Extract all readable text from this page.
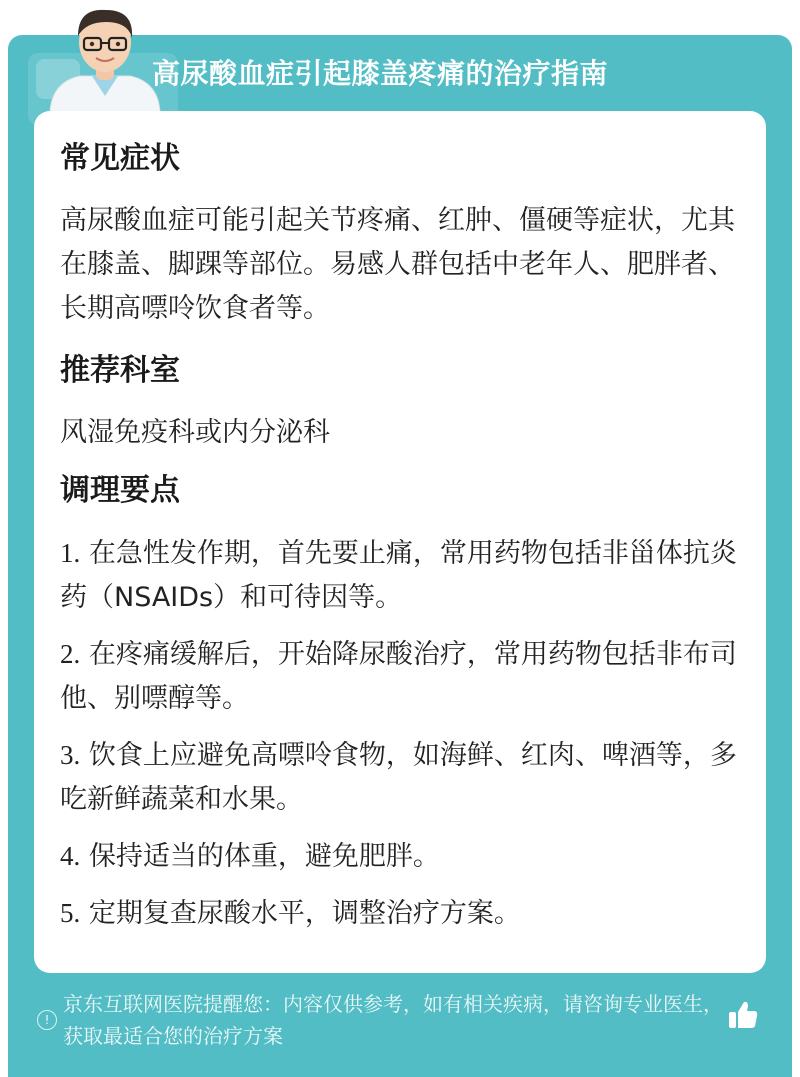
高尿酸血症引起膝盖疼痛的治疗指南
常见症状

高尿酸血症可能引起关节疼痛、红肿、僵硬等症状，尤其在膝盖、脚踝等部位。易感人群包括中老年人、肥胖者、长期高嘌呤饮食者等。

推荐科室

风湿免疫科或内分泌科

调理要点

1. 在急性发作期，首先要止痛，常用药物包括非甾体抗炎药（NSAIDs）和可待因等。

2. 在疼痛缓解后，开始降尿酸治疗，常用药物包括非布司他、别嘌醇等。

3. 饮食上应避免高嘌呤食物，如海鲜、红肉、啤酒等，多吃新鲜蔬菜和水果。

4. 保持适当的体重，避免肥胖。

5. 定期复查尿酸水平，调整治疗方案。

!
京东互联网医院提醒您：内容仅供参考，如有相关疾病，请咨询专业医生，获取最适合您的治疗方案
